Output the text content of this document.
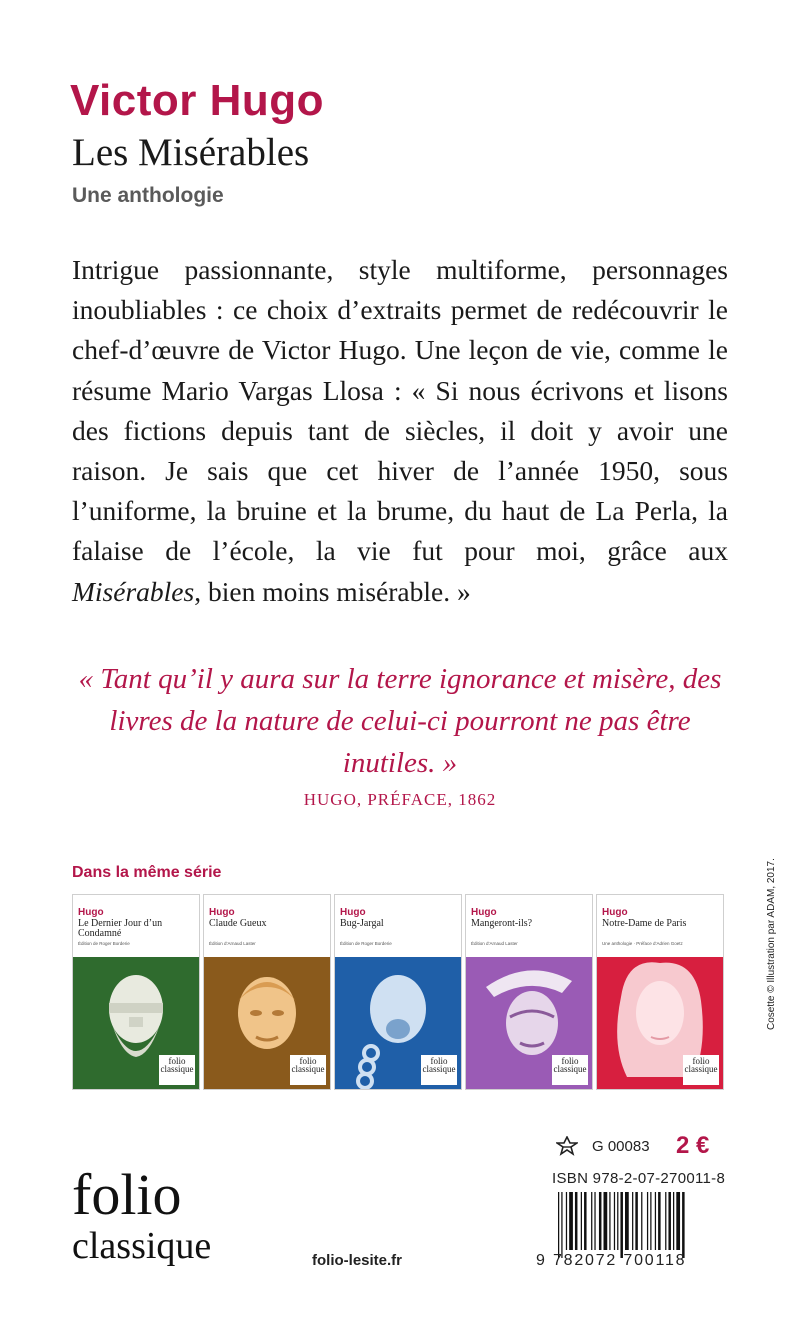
Victor Hugo
Les Misérables
Une anthologie

Intrigue passionnante, style multiforme, personnages inoubliables : ce choix d’extraits permet de redécouvrir le chef-d’œuvre de Victor Hugo. Une leçon de vie, comme le résume Mario Vargas Llosa : « Si nous écrivons et lisons des fictions depuis tant de siècles, il doit y avoir une raison. Je sais que cet hiver de l’année 1950, sous l’uniforme, la bruine et la brume, du haut de La Perla, la falaise de l’école, la vie fut pour moi, grâce aux Misérables, bien moins misérable. »

« Tant qu’il y aura sur la terre ignorance et misère, des livres de la nature de celui-ci pourront ne pas être inutiles. »
HUGO, PRÉFACE, 1862
Dans la même série
Hugo
Le Dernier Jour d’un Condamné
Édition de Roger Borderie
folio
classique
Hugo
Claude Gueux
Édition d’Arnaud Laster
folio
classique
Hugo
Bug-Jargal
Édition de Roger Borderie
folio
classique
Hugo
Mangeront-ils?
Édition d’Arnaud Laster
folio
classique
Hugo
Notre-Dame de Paris
Une anthologie · Préface d’Adrien Goetz
folio
classique
G 00083 2 €
ISBN 978-2-07-270011-8
9 782072 700118
folio
classique	folio-lesite.fr
Cosette © Illustration par ADAM, 2017.
